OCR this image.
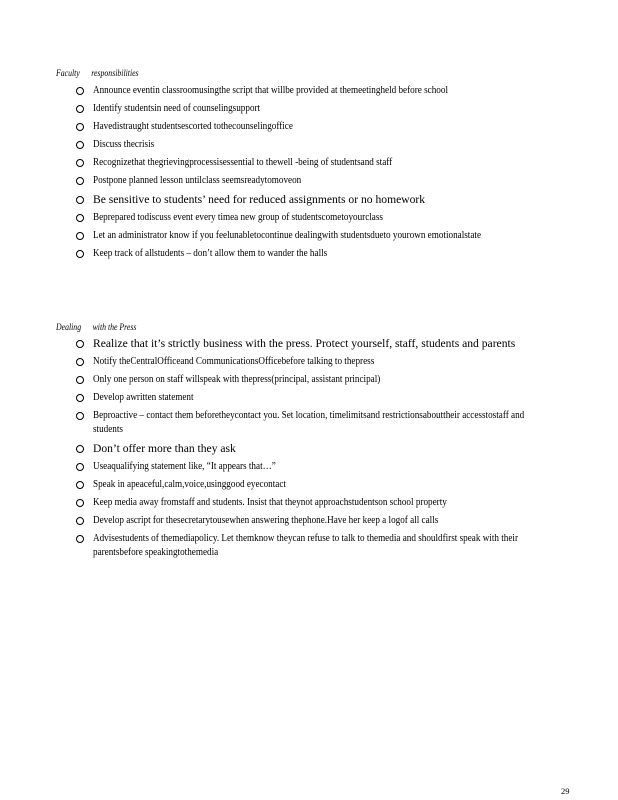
Faculty responsibilities
Announce eventin classroomusingthe script that willbe provided at themeetingheld before school
Identify studentsin need of counselingsupport
Havedistraught studentsescorted tothecounselingoffice
Discuss thecrisis
Recognizethat thegrievingprocessisessential to thewell -being of studentsand staff
Postpone planned lesson untilclass seemsreadytomoveon
Be sensitive to students’ need for reduced assignments or no homework
Beprepared todiscuss event every timea new group of studentscometoyourclass
Let an administrator know if you feelunabletocontinue dealingwith studentsdueto yourown emotionalstate
Keep track of allstudents – don’t allow them to wander the halls
Dealing with the Press
Realize that it’s strictly business with the press. Protect yourself, staff, students and parents
Notify theCentralOfficeand CommunicationsOfficebefore talking to thepress
Only one person on staff willspeak with thepress(principal, assistant principal)
Develop awritten statement
Beproactive – contact them beforetheycontact you. Set location, timelimitsand restrictionsabouttheir accesstostaff and students
Don’t offer more than they ask
Useaqualifying statement like, “It appears that…”
Speak in apeaceful,calm,voice,usinggood eyecontact
Keep media away fromstaff and students. Insist that theynot approachstudentson school property
Develop ascript for thesecretarytousewhen answering thephone.Have her keep a logof all calls
Advisestudents of themediapolicy. Let themknow theycan refuse to talk to themedia and shouldfirst speak with their parentsbefore speakingtothemedia
29
